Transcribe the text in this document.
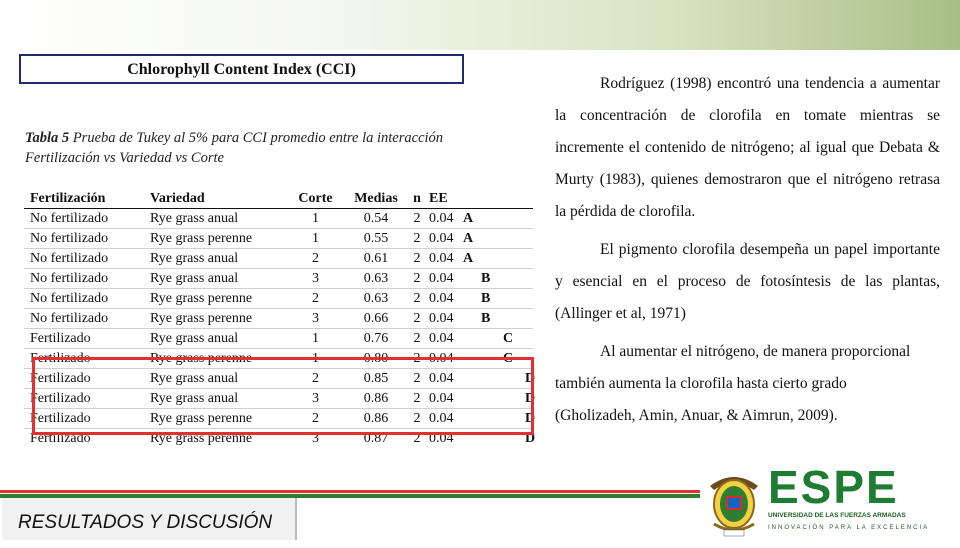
Chlorophyll Content Index (CCI)
Tabla 5 Prueba de Tukey al 5% para CCI promedio entre la interacción Fertilización vs Variedad vs Corte
Fertilización	Variedad	Corte	Medias	n	EE	
No fertilizado	Rye grass anual	1	0.54	2	0.04	A

No fertilizado	Rye grass perenne	1	0.55	2	0.04	A

No fertilizado	Rye grass anual	2	0.61	2	0.04	A

No fertilizado	Rye grass anual	3	0.63	2	0.04	B

No fertilizado	Rye grass perenne	2	0.63	2	0.04	B

No fertilizado	Rye grass perenne	3	0.66	2	0.04	B

Fertilizado	Rye grass anual	1	0.76	2	0.04	C

Fertilizado	Rye grass perenne	1	0.80	2	0.04	C

Fertilizado	Rye grass anual	2	0.85	2	0.04	D

Fertilizado	Rye grass anual	3	0.86	2	0.04	D

Fertilizado	Rye grass perenne	2	0.86	2	0.04	D

Fertilizado	Rye grass perenne	3	0.87	2	0.04	D

Rodríguez (1998) encontró una tendencia a aumentar la concentración de clorofila en tomate mientras se incremente el contenido de nitrógeno; al igual que Debata & Murty (1983), quienes demostraron que el nitrógeno retrasa la pérdida de clorofila.

El pigmento clorofila desempeña un papel importante y esencial en el proceso de fotosíntesis de las plantas, (Allinger et al, 1971)

Al aumentar el nitrógeno, de manera proporcional

también aumenta la clorofila hasta cierto grado

(Gholizadeh, Amin, Anuar, & Aimrun, 2009).

RESULTADOS Y DISCUSIÓN
ESPE
UNIVERSIDAD DE LAS FUERZAS ARMADAS
INNOVACIÓN PARA LA EXCELENCIA
